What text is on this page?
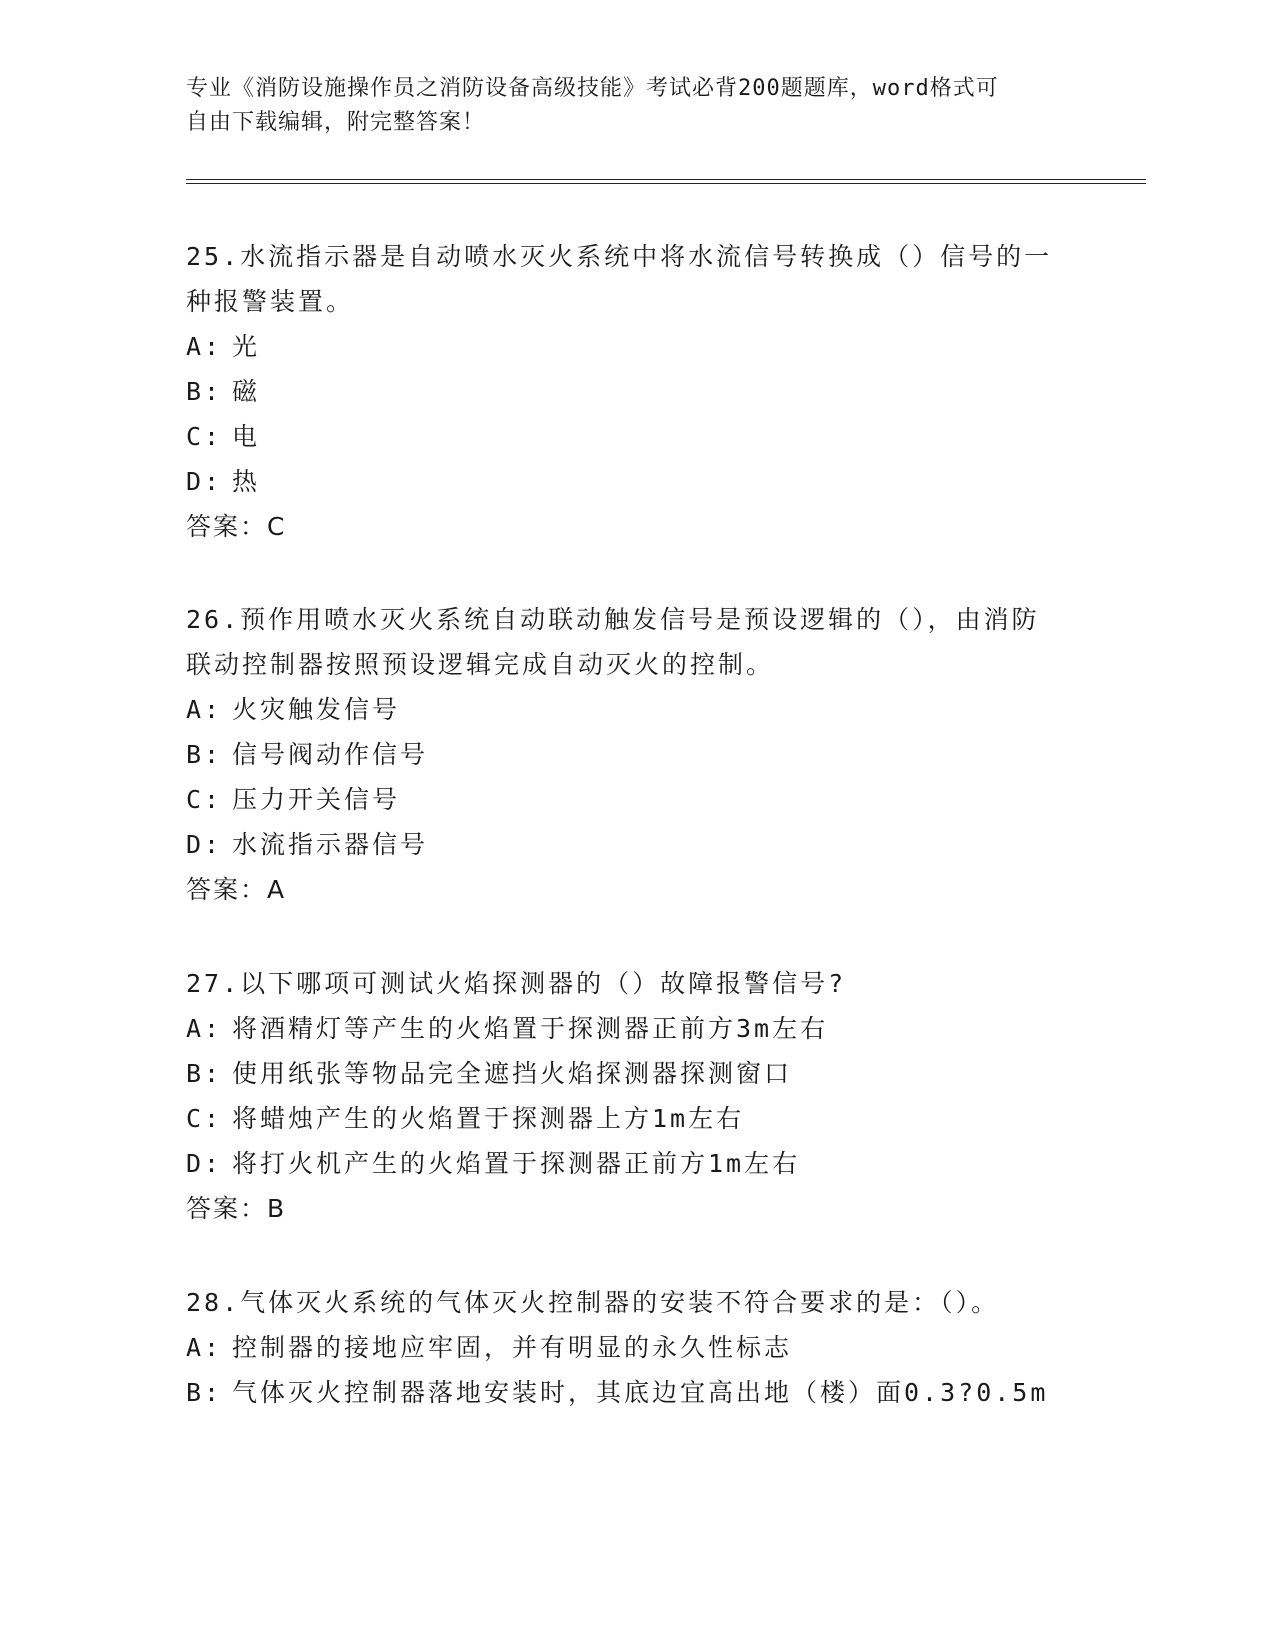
专业《消防设施操作员之消防设备高级技能》考试必背200题题库，word格式可
自由下载编辑，附完整答案！

25.水流指示器是自动喷水灭火系统中将水流信号转换成（）信号的一

种报警装置。

A: 光

B: 磁

C: 电

D: 热

答案：C

26.预作用喷水灭火系统自动联动触发信号是预设逻辑的（），由消防

联动控制器按照预设逻辑完成自动灭火的控制。

A: 火灾触发信号

B: 信号阀动作信号

C: 压力开关信号

D: 水流指示器信号

答案：A

27.以下哪项可测试火焰探测器的（）故障报警信号?

A: 将酒精灯等产生的火焰置于探测器正前方3m左右

B: 使用纸张等物品完全遮挡火焰探测器探测窗口

C: 将蜡烛产生的火焰置于探测器上方1m左右

D: 将打火机产生的火焰置于探测器正前方1m左右

答案：B

28.气体灭火系统的气体灭火控制器的安装不符合要求的是：（）。

A: 控制器的接地应牢固，并有明显的永久性标志

B: 气体灭火控制器落地安装时，其底边宜高出地（楼）面0.3?0.5m
